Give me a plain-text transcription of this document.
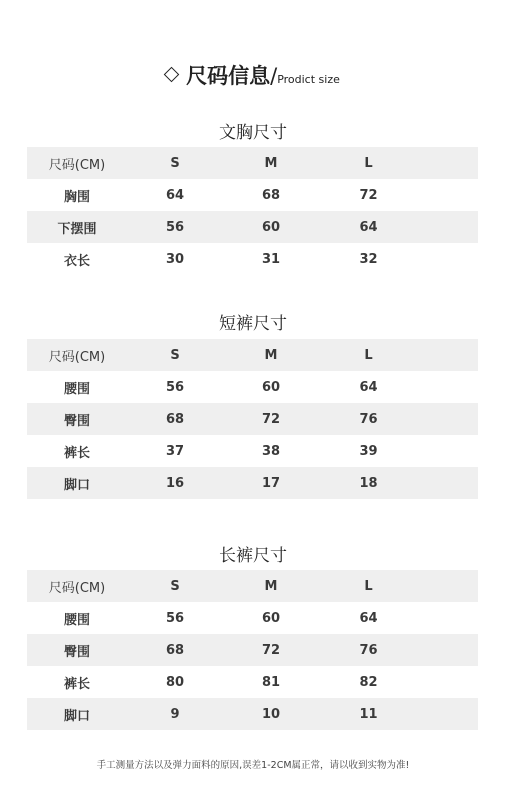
尺码信息/Prodict size
文胸尺寸
尺码(CM)	S	M	L	
胸围	64	68	72	
下摆围	56	60	64	
衣长	30	31	32	
短裤尺寸
尺码(CM)	S	M	L	
腰围	56	60	64	
臀围	68	72	76	
裤长	37	38	39	
脚口	16	17	18	
长裤尺寸
尺码(CM)	S	M	L	
腰围	56	60	64	
臀围	68	72	76	
裤长	80	81	82	
脚口	9	10	11	
手工测量方法以及弹力面料的原因,误差1-2CM属正常，请以收到实物为准!
